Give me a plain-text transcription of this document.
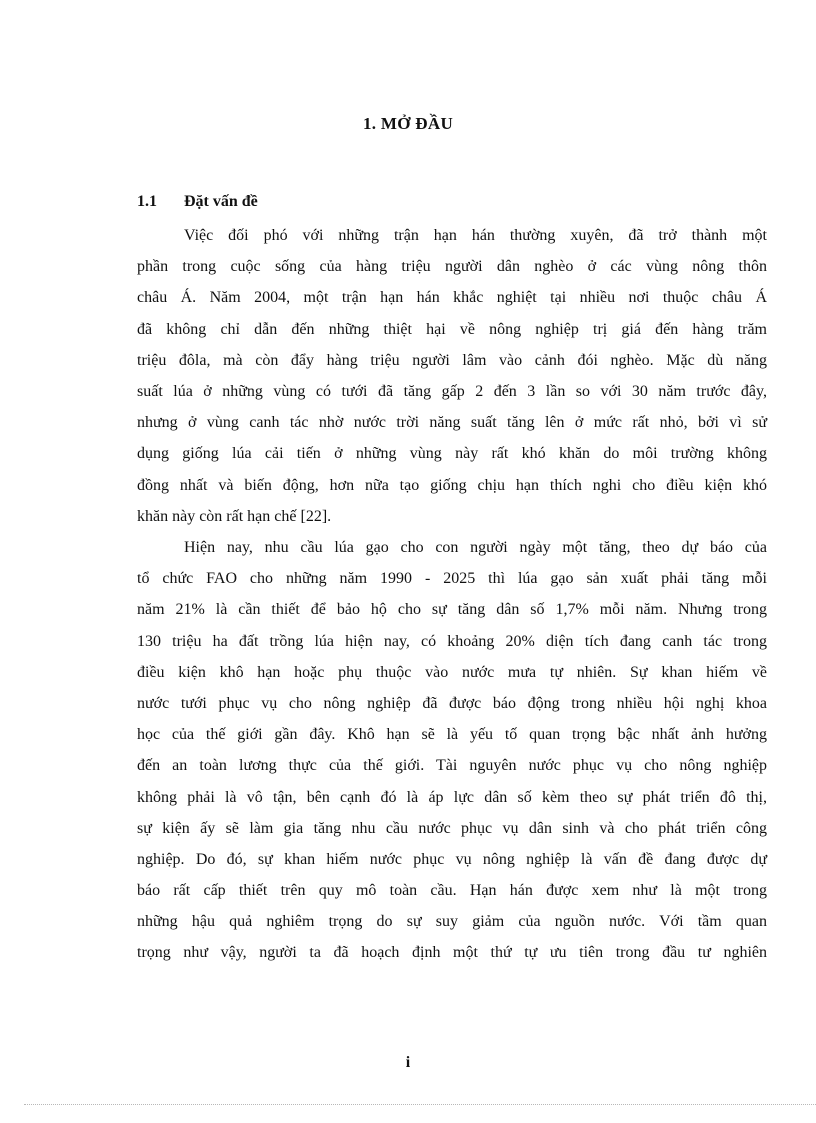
1. MỞ ĐẦU
1.1 Đặt vấn đề
Việc đối phó với những trận hạn hán thường xuyên, đã trở thành một
phần trong cuộc sống của hàng triệu người dân nghèo ở các vùng nông thôn
châu Á. Năm 2004, một trận hạn hán khắc nghiệt tại nhiều nơi thuộc châu Á
đã không chỉ dẫn đến những thiệt hại về nông nghiệp trị giá đến hàng trăm
triệu đôla, mà còn đẩy hàng triệu người lâm vào cảnh đói nghèo. Mặc dù năng
suất lúa ở những vùng có tưới đã tăng gấp 2 đến 3 lần so với 30 năm trước đây,
nhưng ở vùng canh tác nhờ nước trời năng suất tăng lên ở mức rất nhỏ, bởi vì sử
dụng giống lúa cải tiến ở những vùng này rất khó khăn do môi trường không
đồng nhất và biến động, hơn nữa tạo giống chịu hạn thích nghi cho điều kiện khó
khăn này còn rất hạn chế [22].
Hiện nay, nhu cầu lúa gạo cho con người ngày một tăng, theo dự báo của
tổ chức FAO cho những năm 1990 - 2025 thì lúa gạo sản xuất phải tăng mỗi
năm 21% là cần thiết để bảo hộ cho sự tăng dân số 1,7% mỗi năm. Nhưng trong
130 triệu ha đất trồng lúa hiện nay, có khoảng 20% diện tích đang canh tác trong
điều kiện khô hạn hoặc phụ thuộc vào nước mưa tự nhiên. Sự khan hiếm về
nước tưới phục vụ cho nông nghiệp đã được báo động trong nhiều hội nghị khoa
học của thế giới gần đây. Khô hạn sẽ là yếu tố quan trọng bậc nhất ảnh hưởng
đến an toàn lương thực của thế giới. Tài nguyên nước phục vụ cho nông nghiệp
không phải là vô tận, bên cạnh đó là áp lực dân số kèm theo sự phát triển đô thị,
sự kiện ấy sẽ làm gia tăng nhu cầu nước phục vụ dân sinh và cho phát triển công
nghiệp. Do đó, sự khan hiếm nước phục vụ nông nghiệp là vấn đề đang được dự
báo rất cấp thiết trên quy mô toàn cầu. Hạn hán được xem như là một trong
những hậu quả nghiêm trọng do sự suy giảm của nguồn nước. Với tầm quan
trọng như vậy, người ta đã hoạch định một thứ tự ưu tiên trong đầu tư nghiên
i
